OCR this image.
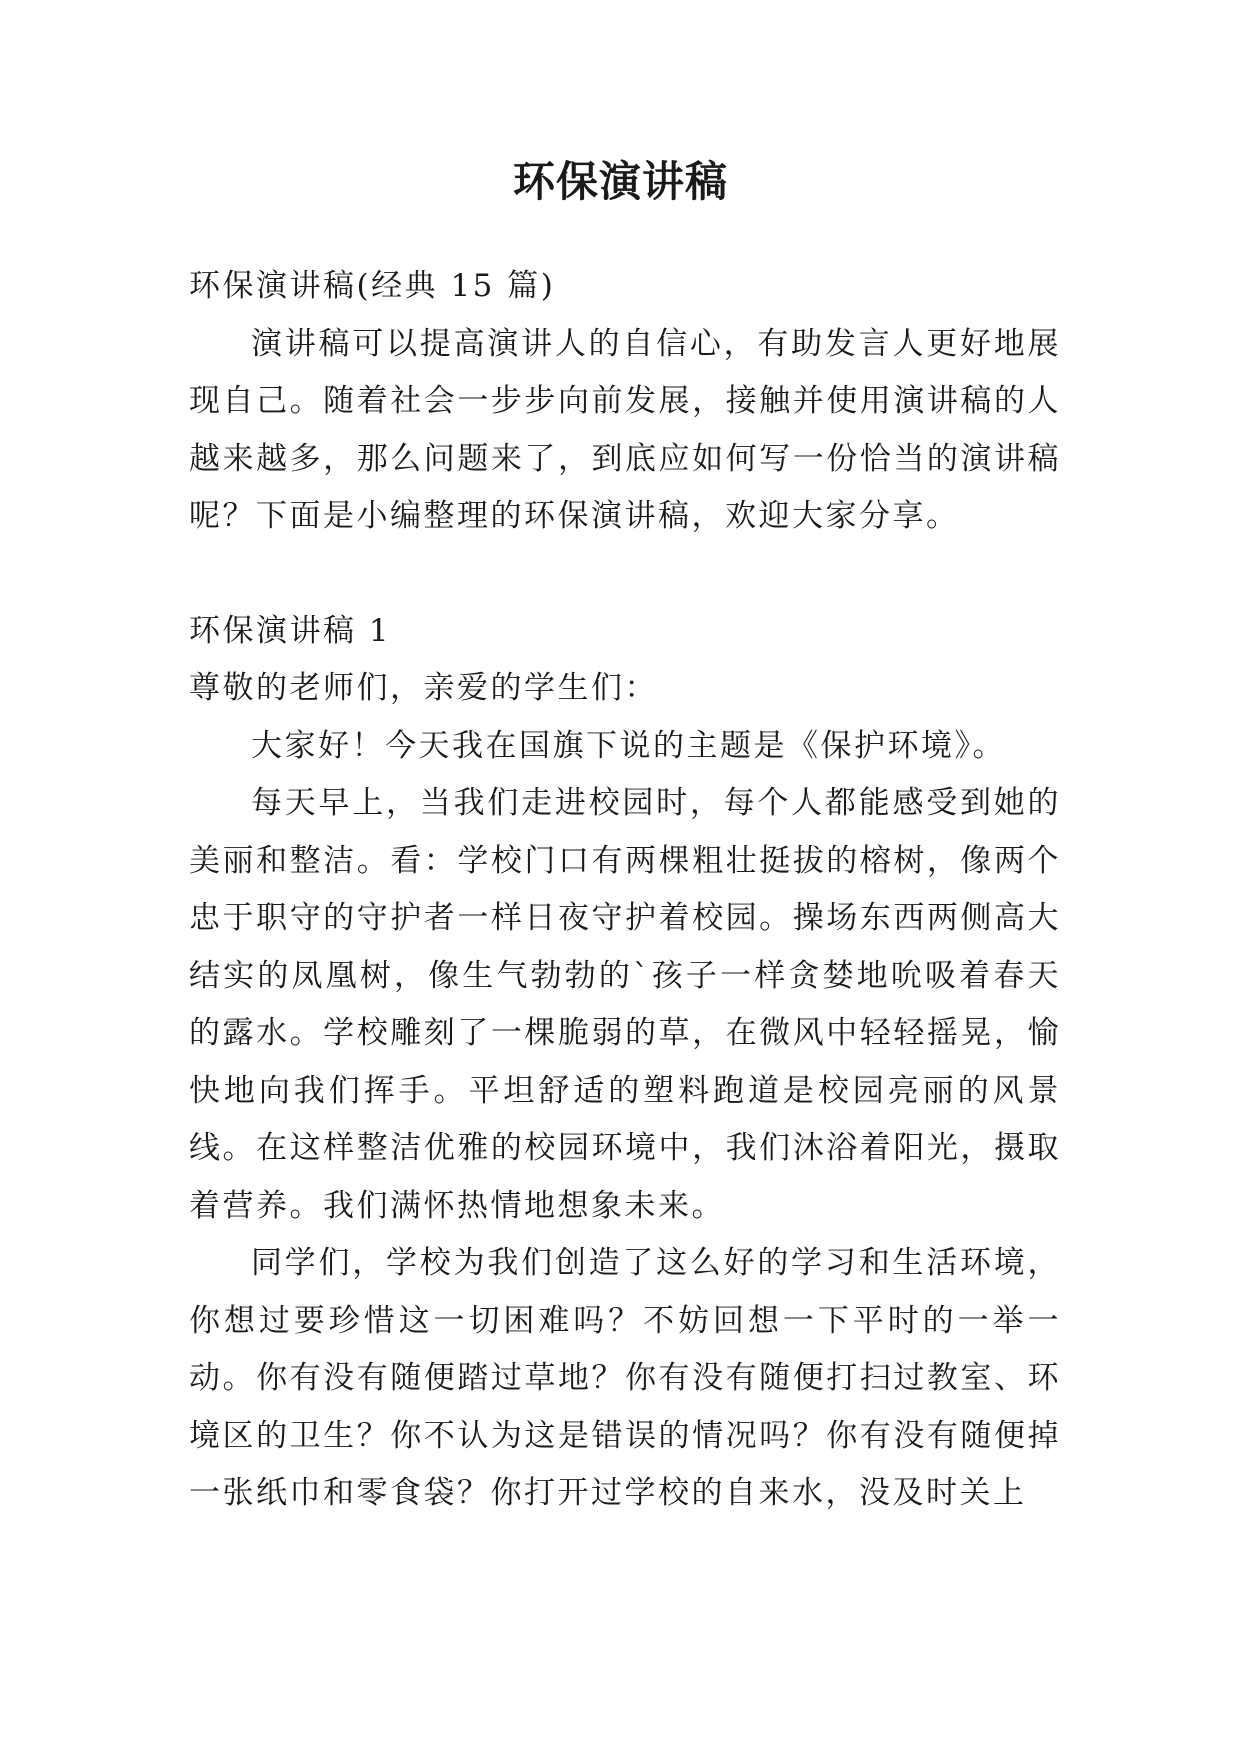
环保演讲稿

环保演讲稿(经典 15 篇)

演讲稿可以提高演讲人的自信心，有助发言人更好地展现自己。随着社会一步步向前发展，接触并使用演讲稿的人越来越多，那么问题来了，到底应如何写一份恰当的演讲稿呢？下面是小编整理的环保演讲稿，欢迎大家分享。

环保演讲稿 1

尊敬的老师们，亲爱的学生们：

大家好！今天我在国旗下说的主题是《保护环境》。

每天早上，当我们走进校园时，每个人都能感受到她的美丽和整洁。看：学校门口有两棵粗壮挺拔的榕树，像两个忠于职守的守护者一样日夜守护着校园。操场东西两侧高大结实的凤凰树，像生气勃勃的`孩子一样贪婪地吮吸着春天的露水。学校雕刻了一棵脆弱的草，在微风中轻轻摇晃，愉快地向我们挥手。平坦舒适的塑料跑道是校园亮丽的风景线。在这样整洁优雅的校园环境中，我们沐浴着阳光，摄取着营养。我们满怀热情地想象未来。

同学们，学校为我们创造了这么好的学习和生活环境，你想过要珍惜这一切困难吗？不妨回想一下平时的一举一动。你有没有随便踏过草地？你有没有随便打扫过教室、环境区的卫生？你不认为这是错误的情况吗？你有没有随便掉一张纸巾和零食袋？你打开过学校的自来水，没及时关上
